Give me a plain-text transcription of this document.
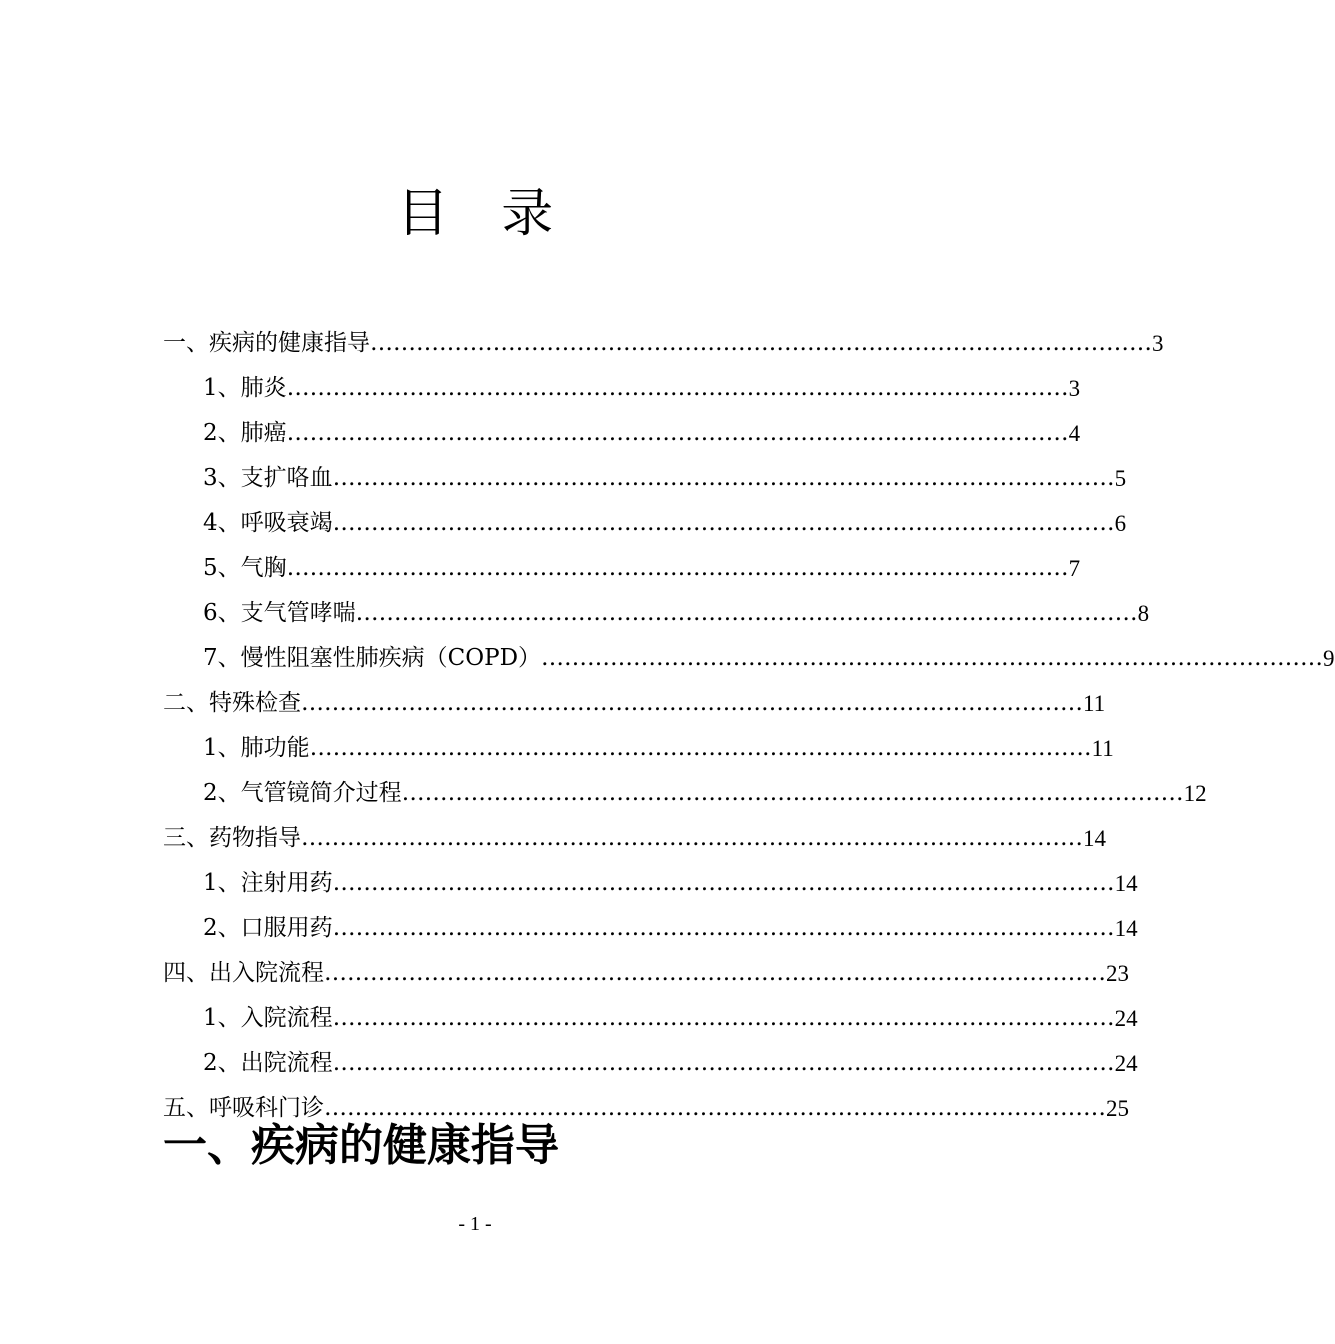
目 录
一、疾病的健康指导 ………………………………………………………………………………………… 3
1、肺炎 ………………………………………………………………………………………… 3
2、肺癌 ………………………………………………………………………………………… 4
3、支扩咯血 ………………………………………………………………………………………… 5
4、呼吸衰竭 ………………………………………………………………………………………… 6
5、气胸 ………………………………………………………………………………………… 7
6、支气管哮喘 ………………………………………………………………………………………… 8
7、慢性阻塞性肺疾病（COPD） ………………………………………………………………………………………… 9
二、特殊检查 ………………………………………………………………………………………… 11
1、肺功能 ………………………………………………………………………………………… 11
2、气管镜简介过程 ………………………………………………………………………………………… 12
三、药物指导 ………………………………………………………………………………………… 14
1、注射用药 ………………………………………………………………………………………… 14
2、口服用药 ………………………………………………………………………………………… 14
四、出入院流程 ………………………………………………………………………………………… 23
1、入院流程 ………………………………………………………………………………………… 24
2、出院流程 ………………………………………………………………………………………… 24
五、呼吸科门诊 ………………………………………………………………………………………… 25
一、疾病的健康指导
- 1 -
